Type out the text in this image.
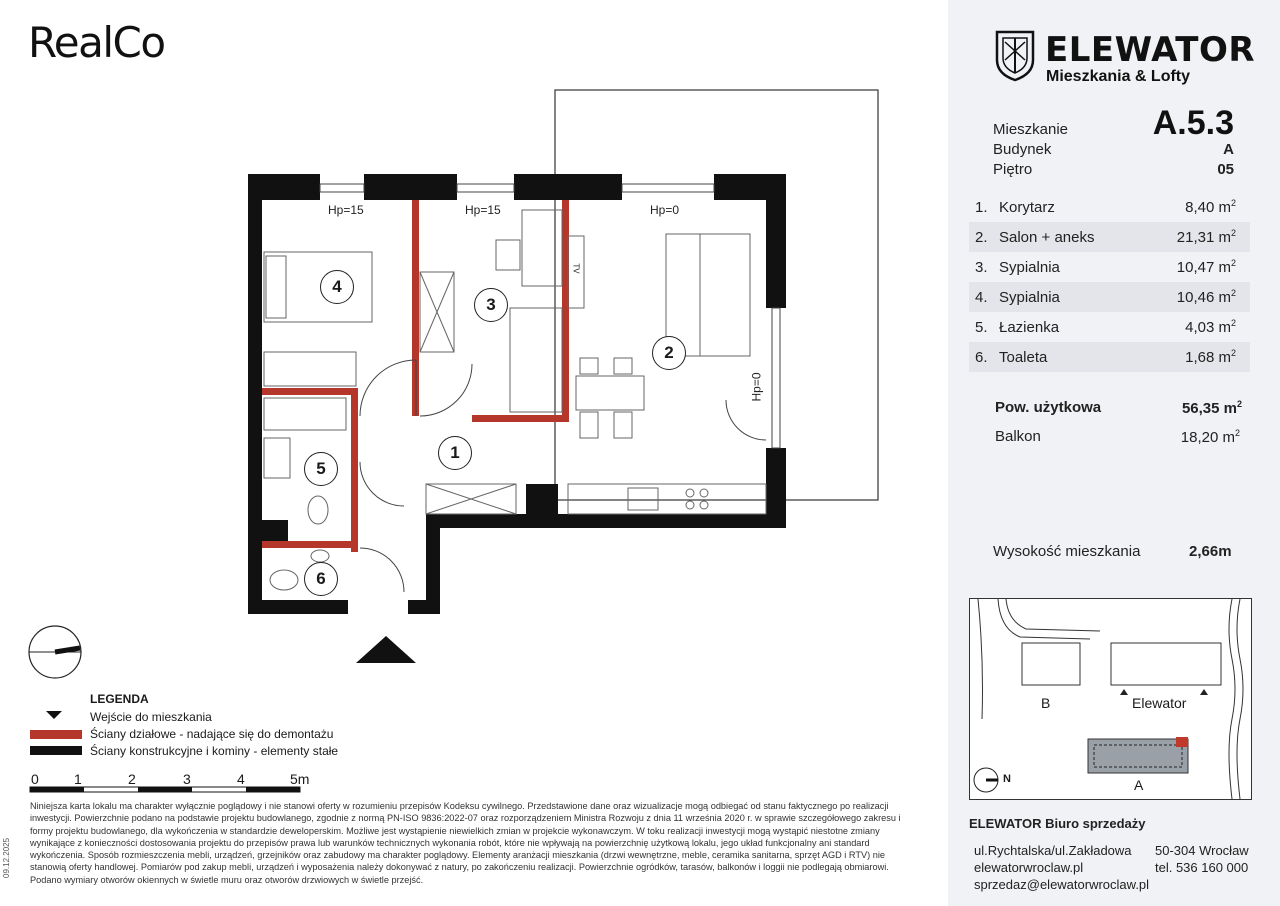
RealCo
Hp=15	Hp=15	Hp=0
Hp=0
TV
1
2
3
4
5
6
LEGENDA
Wejście do mieszkania
Ściany działowe - nadające się do demontażu
Ściany konstrukcyjne i kominy - elementy stałe
0	1	2	3	4	5m
Niniejsza karta lokalu ma charakter wyłącznie poglądowy i nie stanowi oferty w rozumieniu przepisów Kodeksu cywilnego. Przedstawione dane oraz wizualizacje mogą odbiegać od stanu faktycznego po realizacji inwestycji. Powierzchnie podano na podstawie projektu budowlanego, zgodnie z normą PN-ISO 9836:2022-07 oraz rozporządzeniem Ministra Rozwoju z dnia 11 września 2020 r. w sprawie szczegółowego zakresu i formy projektu budowlanego, dla wykończenia w standardzie deweloperskim. Możliwe jest wystąpienie niewielkich zmian w projekcie wykonawczym. W toku realizacji inwestycji mogą wystąpić niestotne zmiany wynikające z konieczności dostosowania projektu do przepisów prawa lub warunków technicznych wykonania robót, które nie wpływają na powierzchnię użytkową lokalu, jego układ funkcjonalny ani standard wykończenia. Sposób rozmieszczenia mebli, urządzeń, grzejników oraz zabudowy ma charakter poglądowy. Elementy aranżacji mieszkania (drzwi wewnętrzne, meble, ceramika sanitarna, sprzęt AGD i RTV) nie stanowią oferty handlowej. Pomiarów pod zakup mebli, urządzeń i wyposażenia należy dokonywać z natury, po zakończeniu realizacji. Powierzchnie ogródków, tarasów, balkonów i loggii nie podlegają obmiarowi. Podano wymiary otworów okiennych w świetle muru oraz otworów drzwiowych w świetle przejść.
09.12.2025
ELEWATOR
Mieszkania & Lofty
Mieszkanie A.5.3
Budynek	A
Piętro	05
1. Korytarz	8,40 $m^2$
2. Salon + aneks	21,31 $m^2$
3. Sypialnia	10,47 $m^2$
4. Sypialnia	10,46 $m^2$
5. Łazienka	4,03 $m^2$
6. Toaleta	1,68 $m^2$
Pow. użytkowa	56,35 $m^2$
Balkon	18,20 $m^2$
Wysokość mieszkania	2,66m
B	Elewator
A
N
ELEWATOR Biuro sprzedaży
ul.Rychtalska/ul.Zakładowa 50-304 Wrocław
elewatorwroclaw.pl	tel. 536 160 000
sprzedaz@elewatorwroclaw.pl
